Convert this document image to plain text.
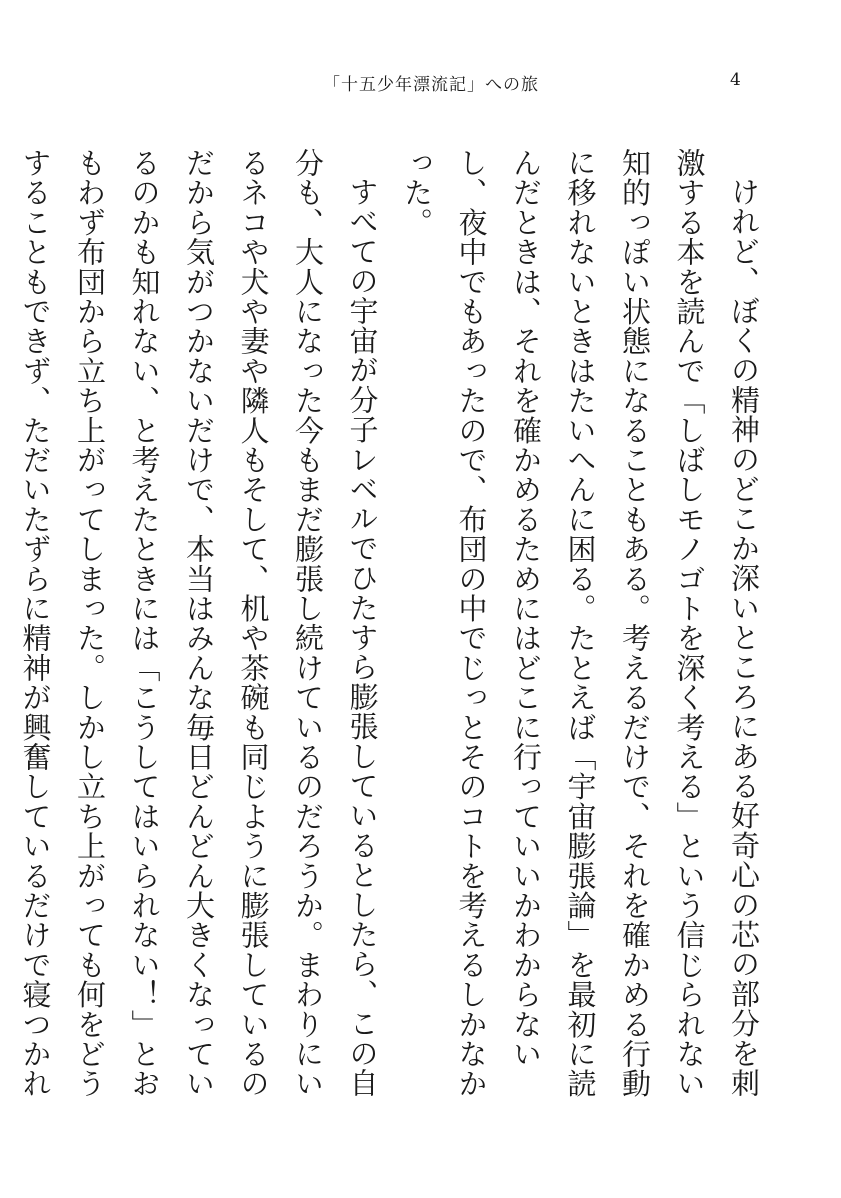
「十五少年漂流記」への旅	4

けれど、ぼくの精神のどこか深いところにある好奇心の芯の部分を刺激する本を読んで「しばしモノゴトを深く考える」という信じられない知的っぽい状態になることもある。考えるだけで、それを確かめる行動に移れないときはたいへんに困る。たとえば「宇宙膨張論」を最初に読んだときは、それを確かめるためにはどこに行っていいかわからないし、夜中でもあったので、布団の中でじっとそのコトを考えるしかなかった。

すべての宇宙が分子レベルでひたすら膨張しているとしたら、この自分も、大人になった今もまだ膨張し続けているのだろうか。まわりにいるネコや犬や妻や隣人もそして、机や茶碗も同じように膨張しているのだから気がつかないだけで、本当はみんな毎日どんどん大きくなっているのかも知れない、と考えたときには「こうしてはいられない！」とおもわず布団から立ち上がってしまった。しかし立ち上がっても何をどうすることもできず、ただいたずらに精神が興奮しているだけで寝つかれ
